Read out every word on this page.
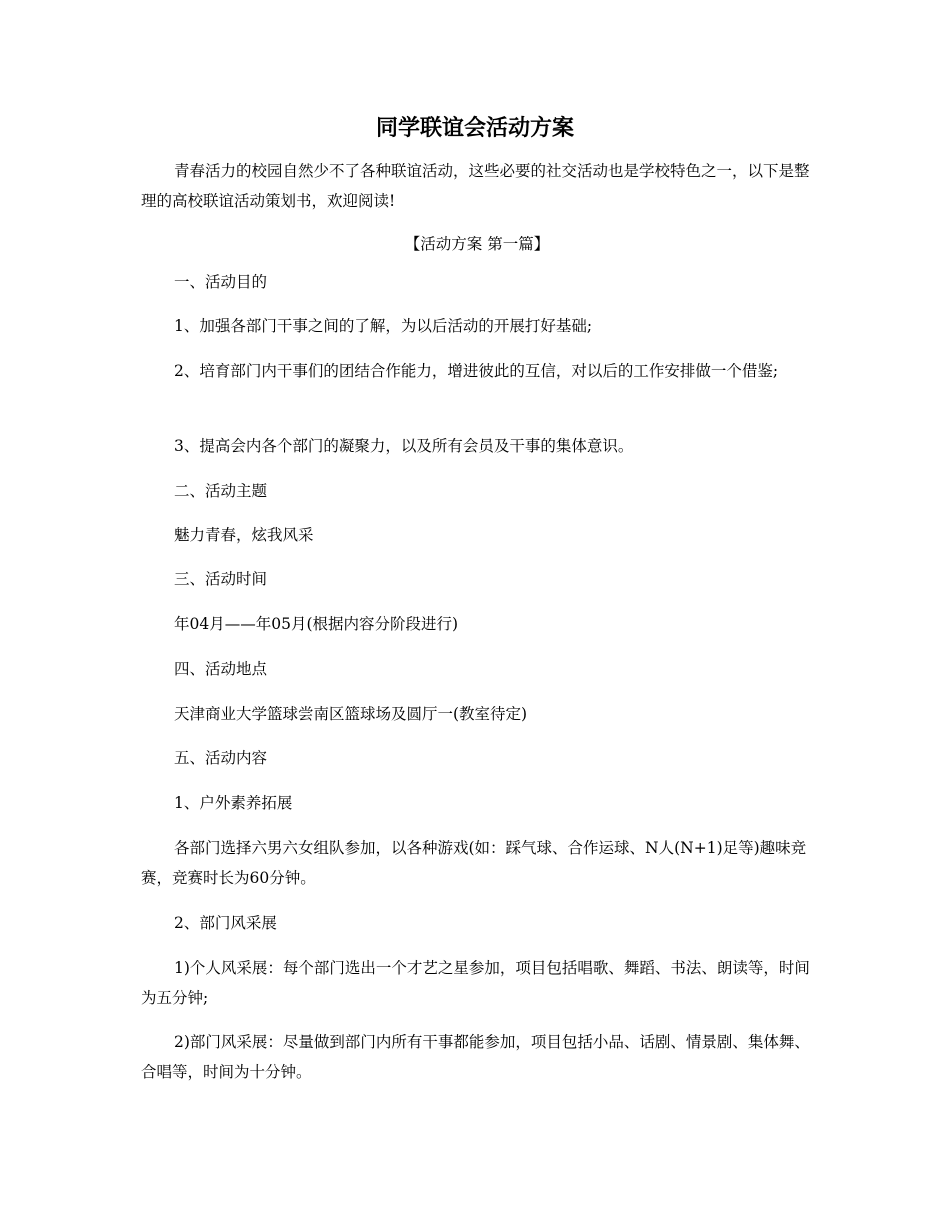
同学联谊会活动方案

青春活力的校园自然少不了各种联谊活动，这些必要的社交活动也是学校特色之一，以下是整理的高校联谊活动策划书，欢迎阅读!

【活动方案 第一篇】

一、活动目的

1、加强各部门干事之间的了解，为以后活动的开展打好基础;

2、培育部门内干事们的团结合作能力，增进彼此的互信，对以后的工作安排做一个借鉴;

3、提高会内各个部门的凝聚力，以及所有会员及干事的集体意识。

二、活动主题

魅力青春，炫我风采

三、活动时间

年04月——年05月(根据内容分阶段进行)

四、活动地点

天津商业大学篮球尝南区篮球场及圆厅一(教室待定)

五、活动内容

1、户外素养拓展

各部门选择六男六女组队参加，以各种游戏(如：踩气球、合作运球、N人(N+1)足等)趣味竞赛，竞赛时长为60分钟。

2、部门风采展

1)个人风采展：每个部门选出一个才艺之星参加，项目包括唱歌、舞蹈、书法、朗读等，时间为五分钟;

2)部门风采展：尽量做到部门内所有干事都能参加，项目包括小品、话剧、情景剧、集体舞、合唱等，时间为十分钟。
